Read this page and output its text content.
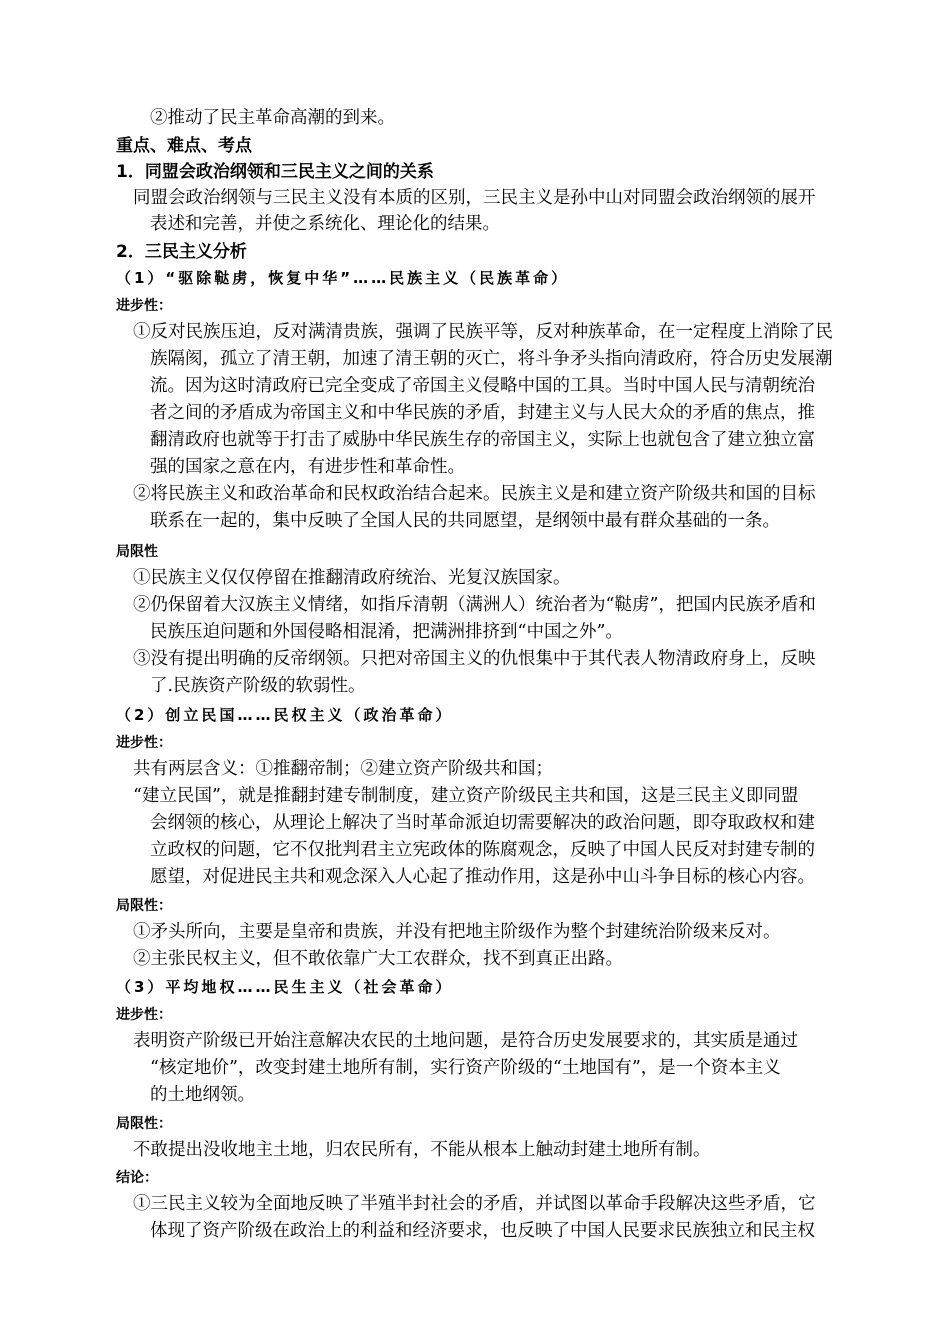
②推动了民主革命高潮的到来。
重点、难点、考点
1．同盟会政治纲领和三民主义之间的关系
同盟会政治纲领与三民主义没有本质的区别，三民主义是孙中山对同盟会政治纲领的展开
表述和完善，并使之系统化、理论化的结果。
2．三民主义分析
（1）“驱除鞑虏，恢复中华”……民族主义（民族革命）
进步性：
①反对民族压迫，反对满清贵族，强调了民族平等，反对种族革命，在一定程度上消除了民
族隔阂，孤立了清王朝，加速了清王朝的灭亡，将斗争矛头指向清政府，符合历史发展潮
流。因为这时清政府已完全变成了帝国主义侵略中国的工具。当时中国人民与清朝统治
者之间的矛盾成为帝国主义和中华民族的矛盾，封建主义与人民大众的矛盾的焦点，推
翻清政府也就等于打击了威胁中华民族生存的帝国主义，实际上也就包含了建立独立富
强的国家之意在内，有进步性和革命性。
②将民族主义和政治革命和民权政治结合起来。民族主义是和建立资产阶级共和国的目标
联系在一起的，集中反映了全国人民的共同愿望，是纲领中最有群众基础的一条。
局限性
①民族主义仅仅停留在推翻清政府统治、光复汉族国家。
②仍保留着大汉族主义情绪，如指斥清朝（满洲人）统治者为“鞑虏”，把国内民族矛盾和
民族压迫问题和外国侵略相混淆，把满洲排挤到“中国之外”。
③没有提出明确的反帝纲领。只把对帝国主义的仇恨集中于其代表人物清政府身上，反映
了.民族资产阶级的软弱性。
（2）创立民国……民权主义（政治革命）
进步性：
共有两层含义：①推翻帝制；②建立资产阶级共和国；
“建立民国”，就是推翻封建专制制度，建立资产阶级民主共和国，这是三民主义即同盟
会纲领的核心，从理论上解决了当时革命派迫切需要解决的政治问题，即夺取政权和建
立政权的问题，它不仅批判君主立宪政体的陈腐观念，反映了中国人民反对封建专制的
愿望，对促进民主共和观念深入人心起了推动作用，这是孙中山斗争目标的核心内容。
局限性：
①矛头所向，主要是皇帝和贵族，并没有把地主阶级作为整个封建统治阶级来反对。
②主张民权主义，但不敢依靠广大工农群众，找不到真正出路。
（3）平均地权……民生主义（社会革命）
进步性：
表明资产阶级已开始注意解决农民的土地问题，是符合历史发展要求的，其实质是通过
“核定地价”，改变封建土地所有制，实行资产阶级的“土地国有”，是一个资本主义
的土地纲领。
局限性：
不敢提出没收地主土地，归农民所有，不能从根本上触动封建土地所有制。
结论：
①三民主义较为全面地反映了半殖半封社会的矛盾，并试图以革命手段解决这些矛盾，它
体现了资产阶级在政治上的利益和经济要求，也反映了中国人民要求民族独立和民主权
